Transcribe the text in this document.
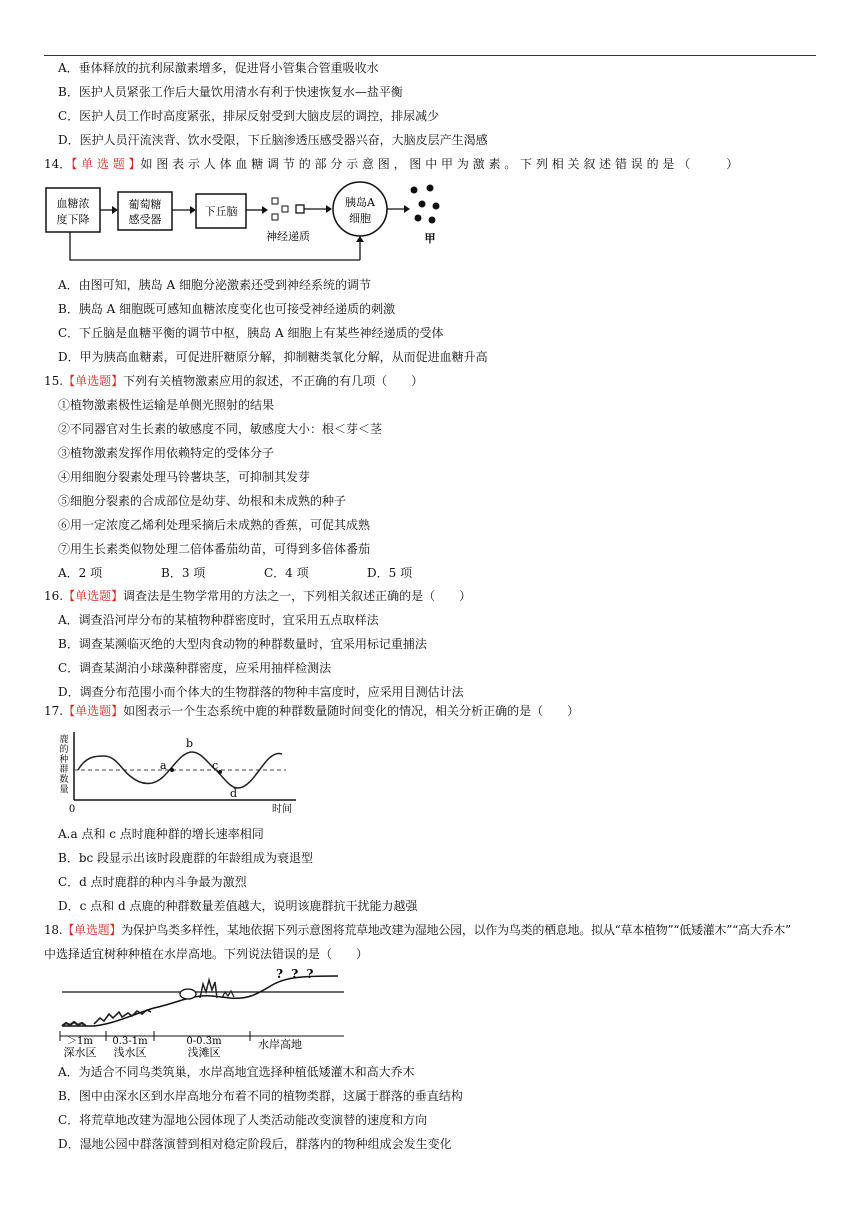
A．垂体释放的抗利尿激素增多，促进肾小管集合管重吸收水
B．医护人员紧张工作后大量饮用清水有利于快速恢复水—盐平衡
C．医护人员工作时高度紧张，排尿反射受到大脑皮层的调控，排尿减少
D．医护人员汗流浃背、饮水受限，下丘脑渗透压感受器兴奋，大脑皮层产生渴感
14．【 单 选 题 】如 图 表 示 人 体 血 糖 调 节 的 部 分 示 意 图 ， 图 中 甲 为 激 素 。 下 列 相 关 叙 述 错 误 的 是 （　　　）
血糖浓
度下降
葡萄糖
感受器
下丘脑
神经递质
胰岛A
细胞
甲
A．由图可知，胰岛 A 细胞分泌激素还受到神经系统的调节
B．胰岛 A 细胞既可感知血糖浓度变化也可接受神经递质的刺激
C．下丘脑是血糖平衡的调节中枢，胰岛 A 细胞上有某些神经递质的受体
D．甲为胰高血糖素，可促进肝糖原分解，抑制糖类氧化分解，从而促进血糖升高
15.【单选题】下列有关植物激素应用的叙述，不正确的有几项（　　）
①植物激素极性运输是单侧光照射的结果
②不同器官对生长素的敏感度不同，敏感度大小：根＜芽＜茎
③植物激素发挥作用依赖特定的受体分子
④用细胞分裂素处理马铃薯块茎，可抑制其发芽
⑤细胞分裂素的合成部位是幼芽、幼根和未成熟的种子
⑥用一定浓度乙烯利处理采摘后未成熟的香蕉，可促其成熟
⑦用生长素类似物处理二倍体番茄幼苗，可得到多倍体番茄
A．2 项	B．3 项	C．4 项	D．5 项
16.【单选题】调查法是生物学常用的方法之一，下列相关叙述正确的是（　　）
A．调查沿河岸分布的某植物种群密度时，宜采用五点取样法
B．调查某濒临灭绝的大型肉食动物的种群数量时，宜采用标记重捕法
C．调查某湖泊小球藻种群密度，应采用抽样检测法
D．调查分布范围小而个体大的生物群落的物种丰富度时，应采用目测估计法
17.【单选题】如图表示一个生态系统中鹿的种群数量随时间变化的情况，相关分析正确的是（　　）
鹿
的
种
群
数
量
a
b
c
d
0	时间
A.a 点和 c 点时鹿种群的增长速率相同
B．bc 段显示出该时段鹿群的年龄组成为衰退型
C．d 点时鹿群的种内斗争最为激烈
D．c 点和 d 点鹿的种群数量差值越大，说明该鹿群抗干扰能力越强
18.【单选题】为保护鸟类多样性，某地依据下列示意图将荒草地改建为湿地公园，以作为鸟类的栖息地。拟从“草本植物”“低矮灌木”“高大乔木”
中选择适宜树种种植在水岸高地。下列说法错误的是（　　）
? ? ?
＞1m 0.3-1m	0-0.3m
深水区 浅水区	浅滩区
水岸高地
A．为适合不同鸟类筑巢，水岸高地宜选择种植低矮灌木和高大乔木
B．图中由深水区到水岸高地分布着不同的植物类群，这属于群落的垂直结构
C．将荒草地改建为湿地公园体现了人类活动能改变演替的速度和方向
D．湿地公园中群落演替到相对稳定阶段后，群落内的物种组成会发生变化
